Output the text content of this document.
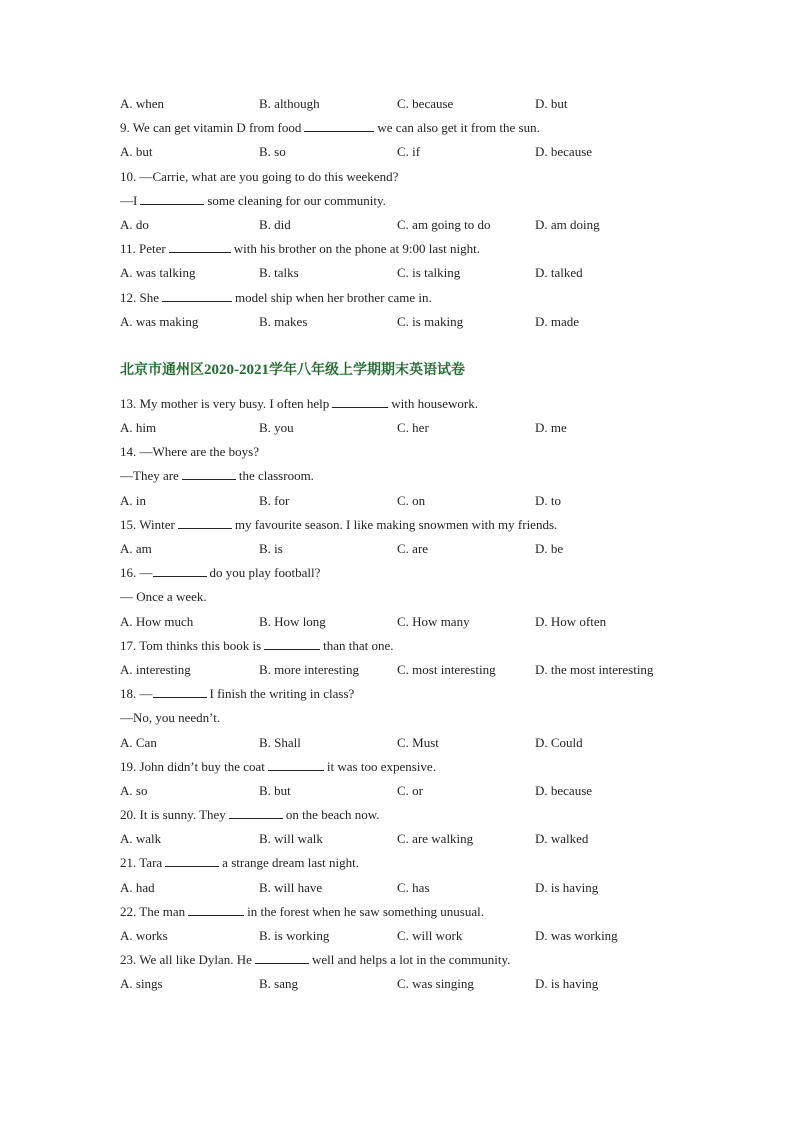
A. when	B. although	C. because	D. but
9. We can get vitamin D from food	we can also get it from the sun.
A. but	B. so	C. if	D. because
10. —Carrie, what are you going to do this weekend?
—I	some cleaning for our community.
A. do	B. did	C. am going to do	D. am doing
11. Peter	with his brother on the phone at 9:00 last night.
A. was talking	B. talks	C. is talking	D. talked
12. She	model ship when her brother came in.
A. was making	B. makes	C. is making	D. made
北京市通州区2020-2021学年八年级上学期期末英语试卷
13. My mother is very busy. I often help	with housework.
A. him	B. you	C. her	D. me
14. —Where are the boys?
—They are	the classroom.
A. in	B. for	C. on	D. to
15. Winter	my favourite season. I like making snowmen with my friends.
A. am	B. is	C. are	D. be
16. —	do you play football?
— Once a week.
A. How much	B. How long	C. How many	D. How often
17. Tom thinks this book is	than that one.
A. interesting	B. more interesting	C. most interesting	D. the most interesting
18. —	I finish the writing in class?
—No, you needn’t.
A. Can	B. Shall	C. Must	D. Could
19. John didn’t buy the coat	it was too expensive.
A. so	B. but	C. or	D. because
20. It is sunny. They	on the beach now.
A. walk	B. will walk	C. are walking	D. walked
21. Tara	a strange dream last night.
A. had	B. will have	C. has	D. is having
22. The man	in the forest when he saw something unusual.
A. works	B. is working	C. will work	D. was working
23. We all like Dylan. He	well and helps a lot in the community.
A. sings	B. sang	C. was singing	D. is having
